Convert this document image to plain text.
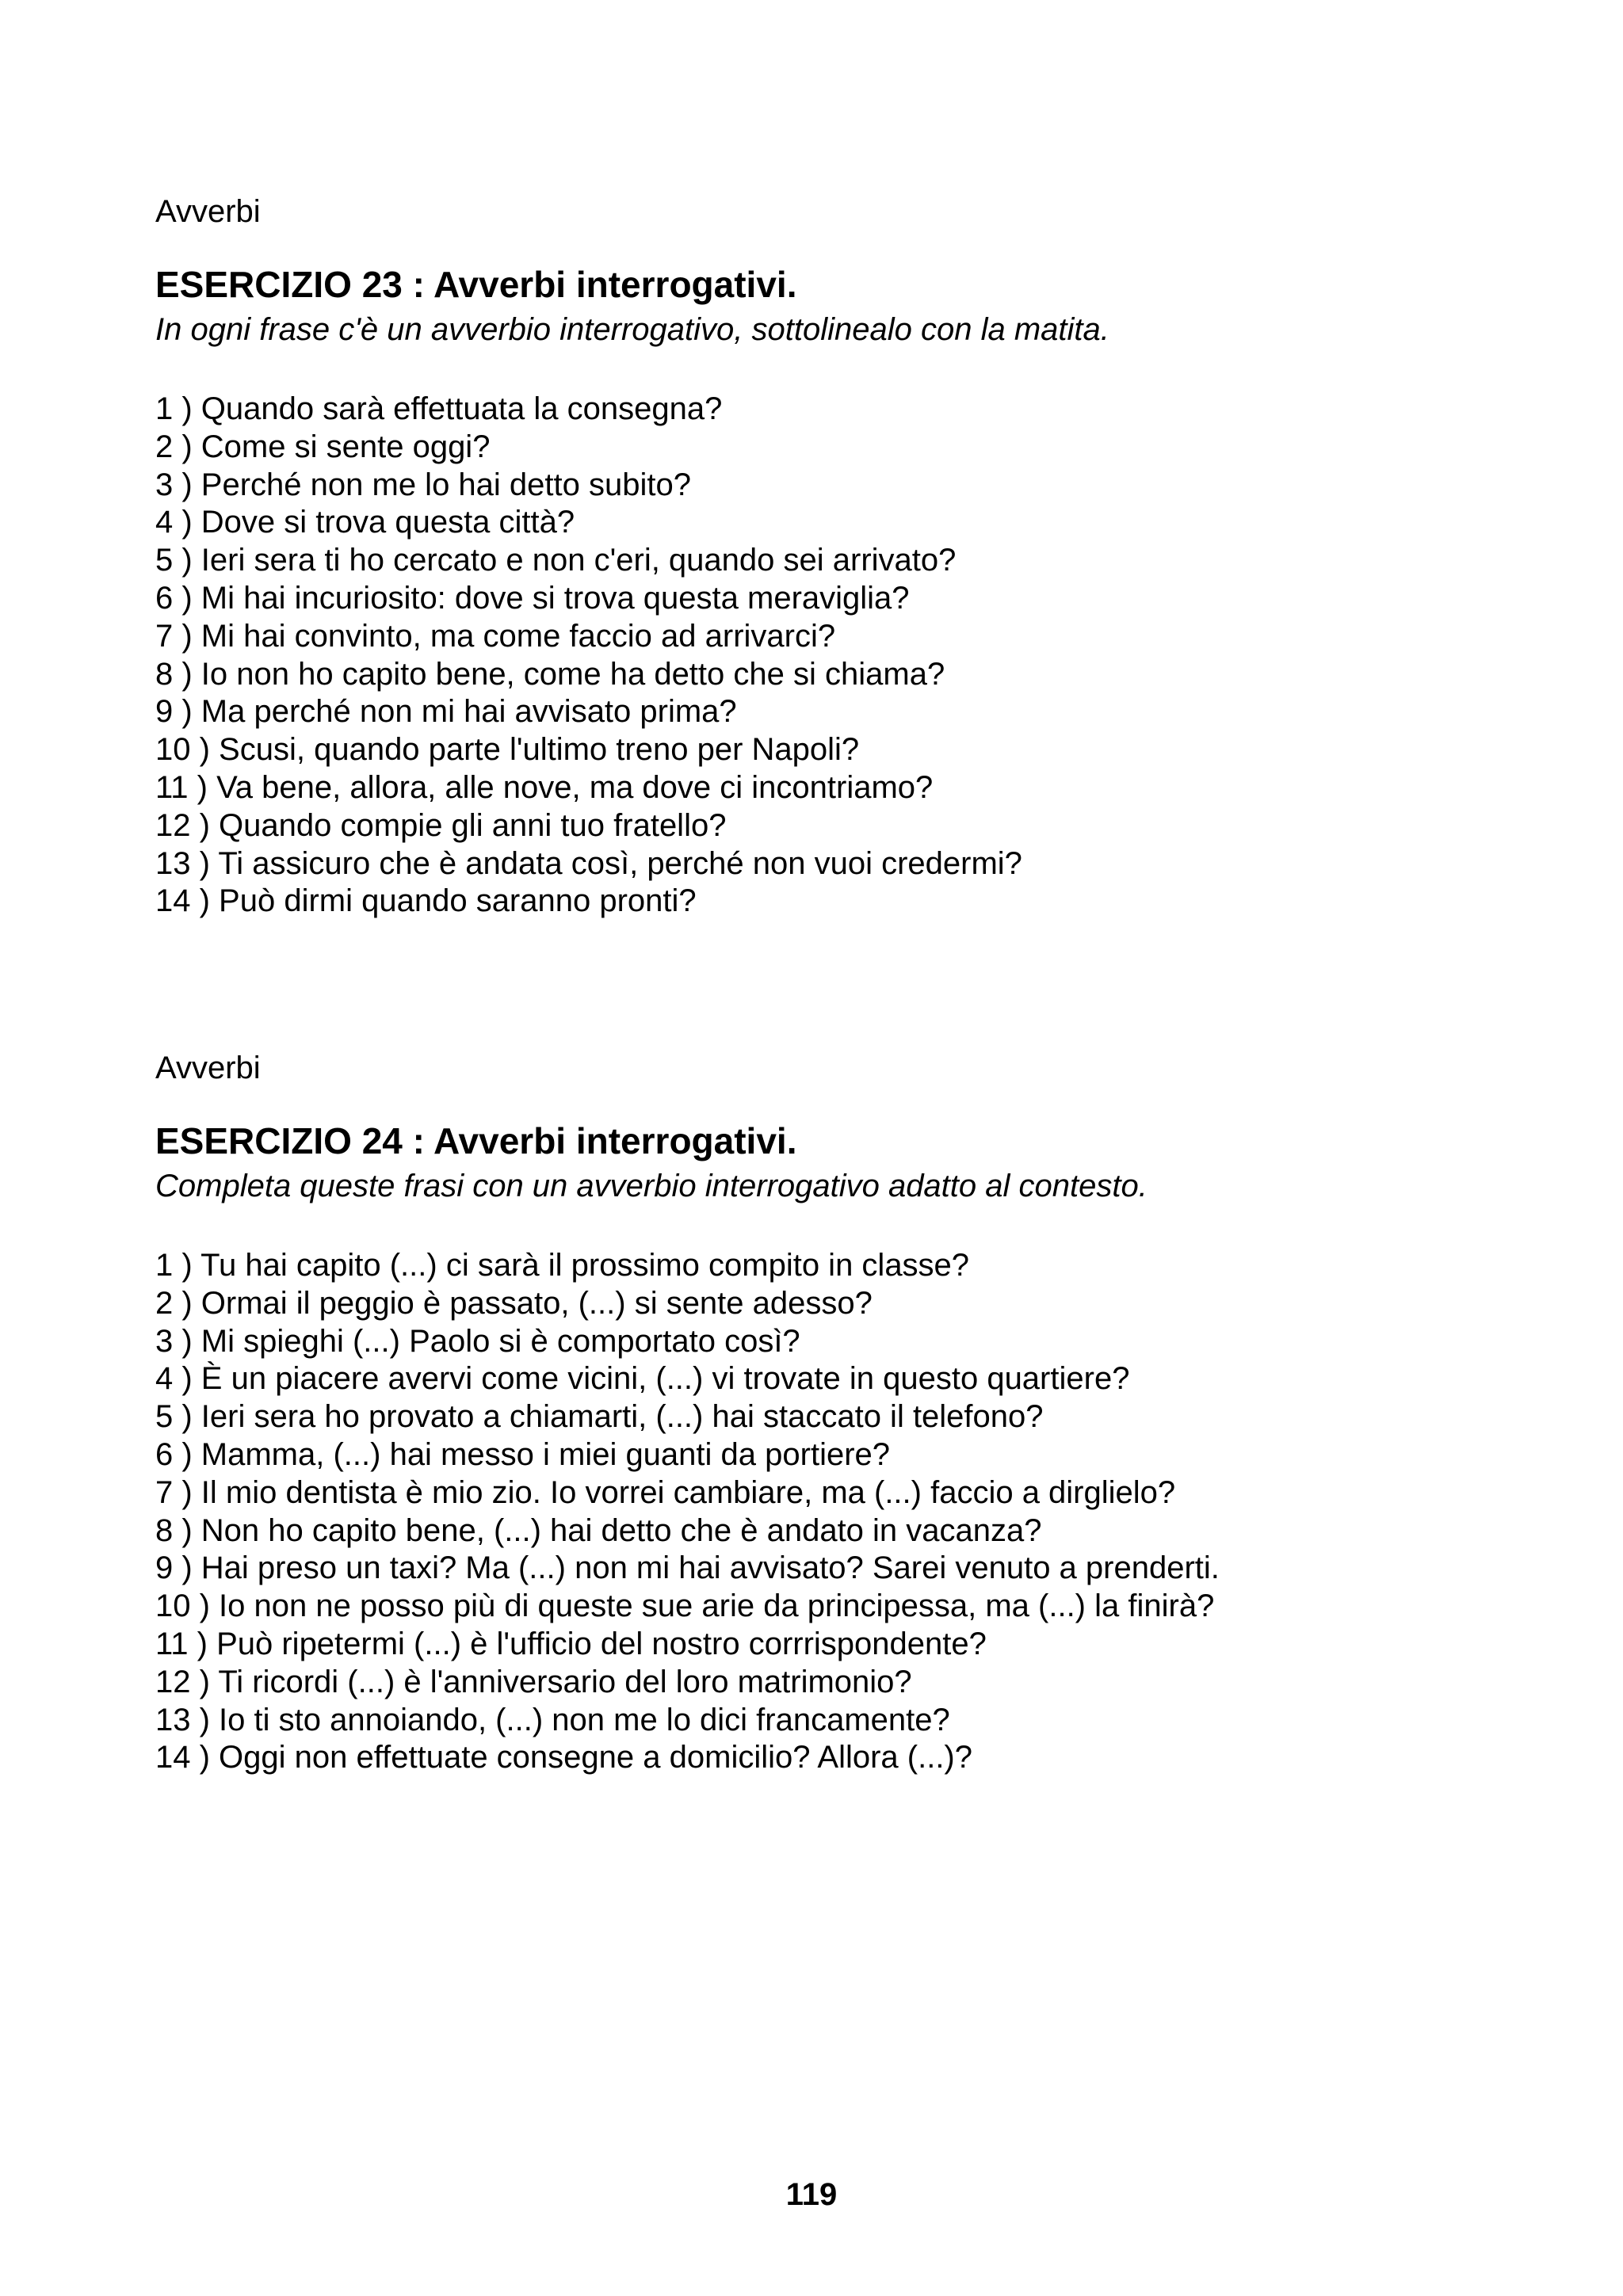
Avverbi

ESERCIZIO 23 : Avverbi interrogativi.

In ogni frase c'è un avverbio interrogativo, sottolinealo con la matita.

1 ) Quando sarà effettuata la consegna?
2 ) Come si sente oggi?
3 ) Perché non me lo hai detto subito?
4 ) Dove si trova questa città?
5 ) Ieri sera ti ho cercato e non c'eri, quando sei arrivato?
6 ) Mi hai incuriosito: dove si trova questa meraviglia?
7 ) Mi hai convinto, ma come faccio ad arrivarci?
8 ) Io non ho capito bene, come ha detto che si chiama?
9 ) Ma perché non mi hai avvisato prima?
10 ) Scusi, quando parte l'ultimo treno per Napoli?
11 ) Va bene, allora, alle nove, ma dove ci incontriamo?
12 ) Quando compie gli anni tuo fratello?
13 ) Ti assicuro che è andata così, perché non vuoi credermi?
14 ) Può dirmi quando saranno pronti?

Avverbi

ESERCIZIO 24 : Avverbi interrogativi.

Completa queste frasi con un avverbio interrogativo adatto al contesto.

1 ) Tu hai capito (...) ci sarà il prossimo compito in classe?
2 ) Ormai il peggio è passato, (...) si sente adesso?
3 ) Mi spieghi (...) Paolo si è comportato così?
4 ) È un piacere avervi come vicini, (...) vi trovate in questo quartiere?
5 ) Ieri sera ho provato a chiamarti, (...) hai staccato il telefono?
6 ) Mamma, (...) hai messo i miei guanti da portiere?
7 ) Il mio dentista è mio zio. Io vorrei cambiare, ma (...) faccio a dirglielo?
8 ) Non ho capito bene, (...) hai detto che è andato in vacanza?
9 ) Hai preso un taxi? Ma (...) non mi hai avvisato? Sarei venuto a prenderti.
10 ) Io non ne posso più di queste sue arie da principessa, ma (...) la finirà?
11 ) Può ripetermi (...) è l'ufficio del nostro corrrispondente?
12 ) Ti ricordi (...) è l'anniversario del loro matrimonio?
13 ) Io ti sto annoiando, (...) non me lo dici francamente?
14 ) Oggi non effettuate consegne a domicilio? Allora (...)?
119
